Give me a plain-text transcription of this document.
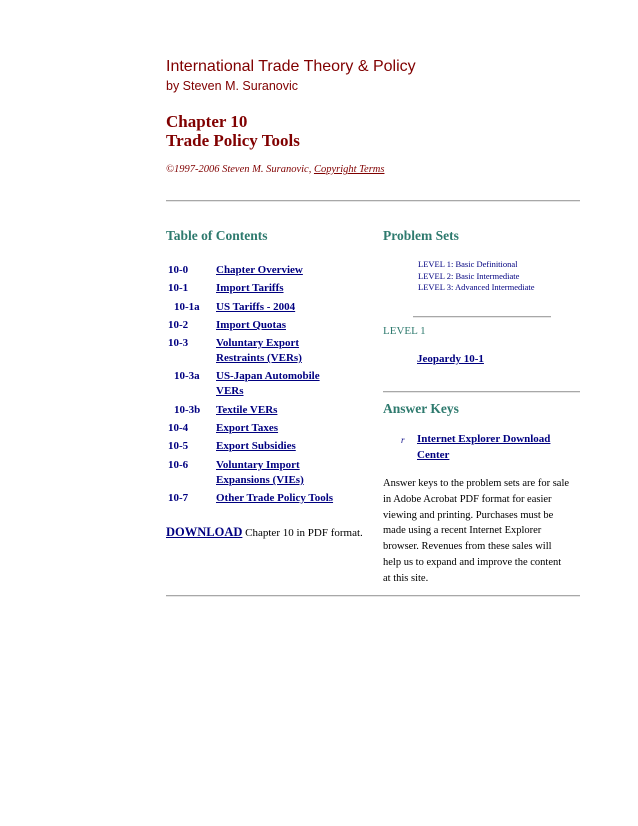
International Trade Theory & Policy
by Steven M. Suranovic
Chapter 10
Trade Policy Tools
©1997-2006 Steven M. Suranovic, Copyright Terms
Table of Contents
10-0	Chapter Overview
10-1	Import Tariffs
10-1a US Tariffs - 2004
10-2	Import Quotas
10-3	Voluntary Export
Restraints (VERs)
10-3a US-Japan Automobile
VERs
10-3b Textile VERs
10-4	Export Taxes
10-5	Export Subsidies
10-6	Voluntary Import
Expansions (VIEs)
10-7	Other Trade Policy Tools
DOWNLOAD Chapter 10 in PDF format.
Problem Sets
LEVEL 1: Basic Definitional
LEVEL 2: Basic Intermediate
LEVEL 3: Advanced Intermediate
LEVEL 1
Jeopardy 10-1
Answer Keys
r Internet Explorer Download
Center
Answer keys to the problem sets are for sale
in Adobe Acrobat PDF format for easier
viewing and printing. Purchases must be
made using a recent Internet Explorer
browser. Revenues from these sales will
help us to expand and improve the content
at this site.
